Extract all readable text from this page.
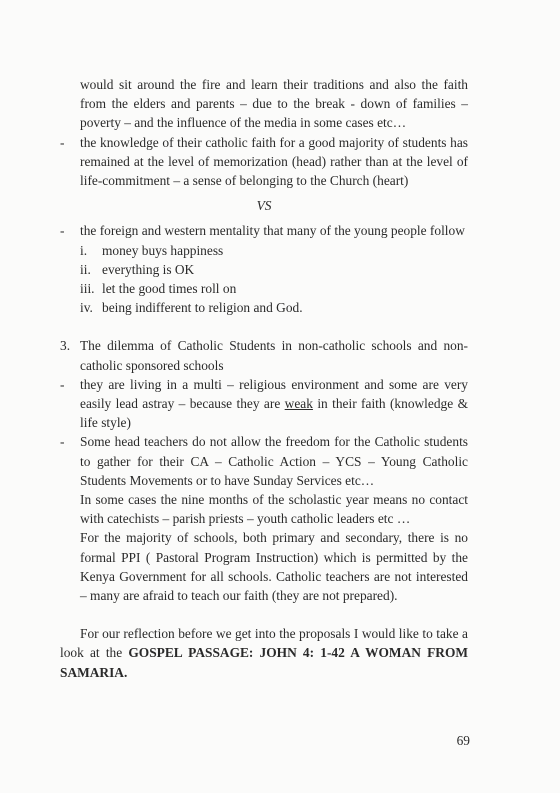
would sit around the fire and learn their traditions and also the faith from the elders and parents – due to the break - down of families – poverty – and the influence of the media in some cases etc…

- the knowledge of their catholic faith for a good majority of students has remained at the level of memorization (head) rather than at the level of life-commitment – a sense of belonging to the Church (heart)

VS

- the foreign and western mentality that many of the young people follow
i. money buys happiness
ii. everything is OK
iii. let the good times roll on
iv. being indifferent to religion and God.
3. The dilemma of Catholic Students in non-catholic schools and non-catholic sponsored schools
- they are living in a multi – religious environment and some are very easily lead astray – because they are weak in their faith (knowledge & life style)
- Some head teachers do not allow the freedom for the Catholic students to gather for their CA – Catholic Action – YCS – Young Catholic Students Movements or to have Sunday Services etc…

In some cases the nine months of the scholastic year means no contact with catechists – parish priests – youth catholic leaders etc …

For the majority of schools, both primary and secondary, there is no formal PPI ( Pastoral Program Instruction) which is permitted by the Kenya Government for all schools. Catholic teachers are not interested – many are afraid to teach our faith (they are not prepared).

For our reflection before we get into the proposals I would like to take a look at the GOSPEL PASSAGE: JOHN 4: 1-42 A WOMAN FROM SAMARIA.

69
